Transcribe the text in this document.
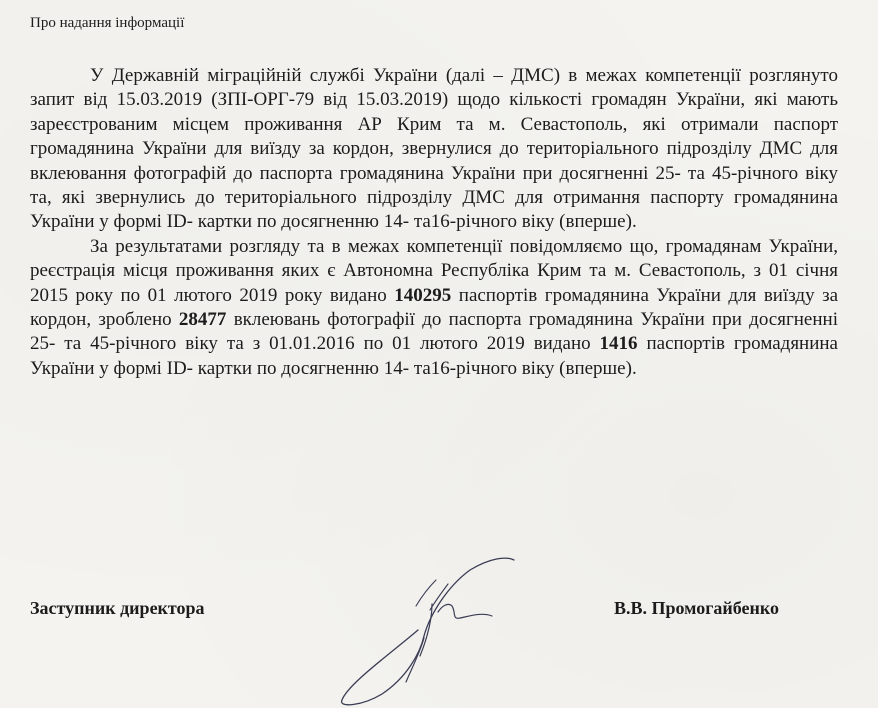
Про надання інформації

У Державній міграційній службі України (далі – ДМС) в межах компетенції розглянуто запит від 15.03.2019 (ЗПІ-ОРГ-79 від 15.03.2019) щодо кількості громадян України, які мають зареєстрованим місцем проживання АР Крим та м. Севастополь, які отримали паспорт громадянина України для виїзду за кордон, звернулися до територіального підрозділу ДМС для вклеювання фотографій до паспорта громадянина України при досягненні 25- та 45-річного віку та, які звернулись до територіального підрозділу ДМС для отримання паспорту громадянина України у формі ID- картки по досягненню 14- та16-річного віку (вперше).

За результатами розгляду та в межах компетенції повідомляємо що, громадянам України, реєстрація місця проживання яких є Автономна Республіка Крим та м. Севастополь, з 01 січня 2015 року по 01 лютого 2019 року видано 140295 паспортів громадянина України для виїзду за кордон, зроблено 28477 вклеювань фотографії до паспорта громадянина України при досягненні 25- та 45-річного віку та з 01.01.2016 по 01 лютого 2019 видано 1416 паспортів громадянина України у формі ID- картки по досягненню 14- та16-річного віку (вперше).

Заступник директора	В.В. Промогайбенко
